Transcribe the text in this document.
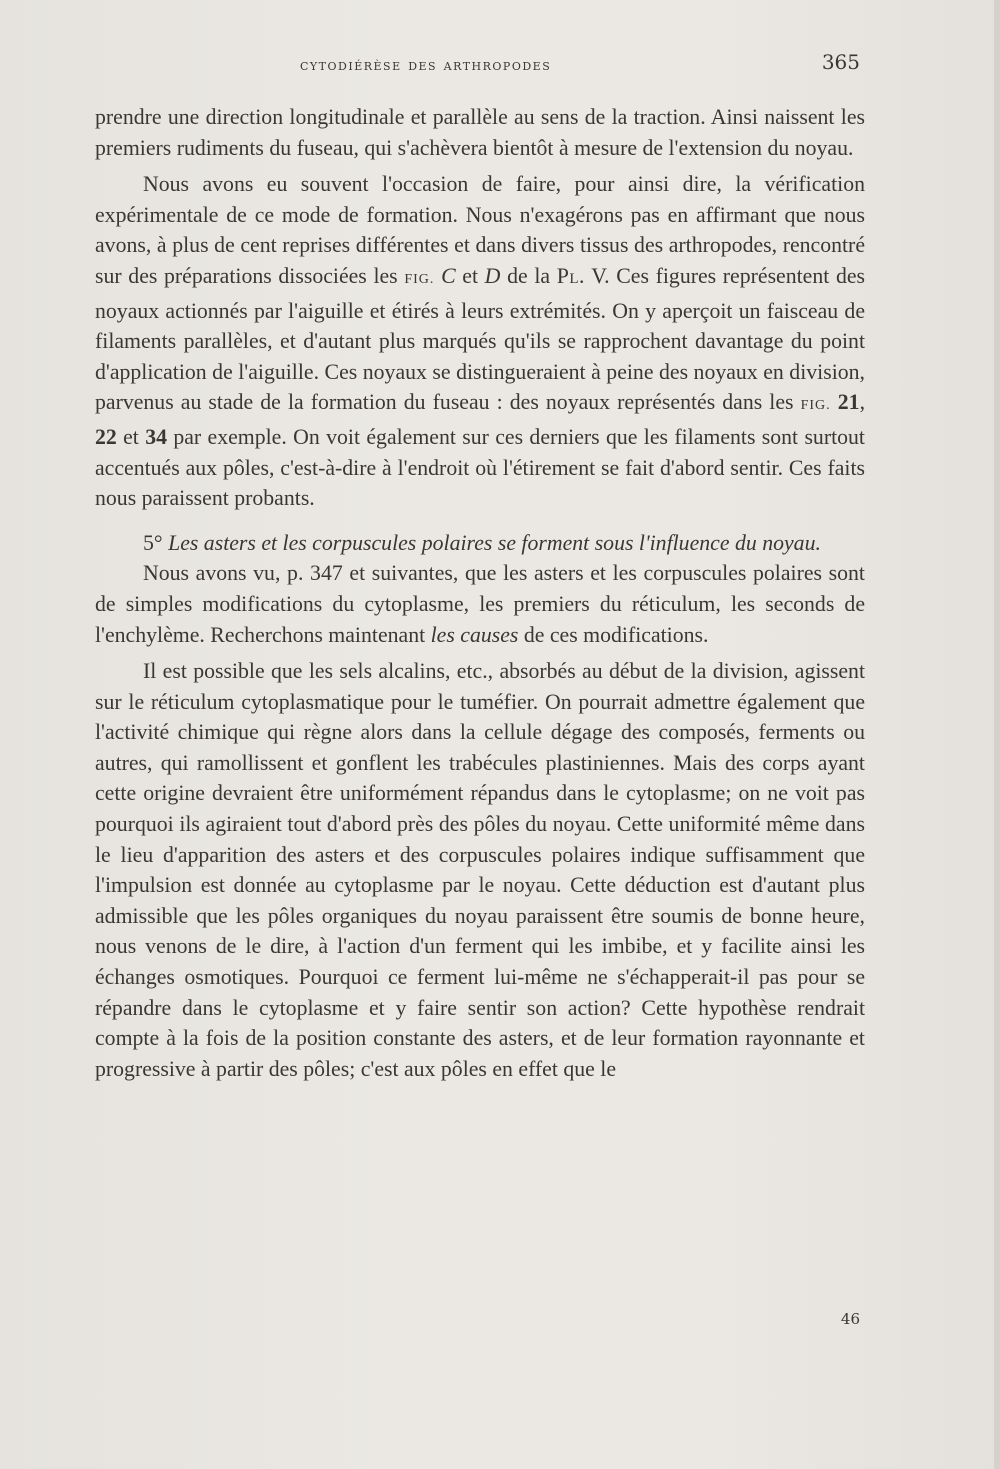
cytodiérèse des arthropodes	365

prendre une direction longitudinale et parallèle au sens de la traction. Ainsi naissent les premiers rudiments du fuseau, qui s'achèvera bientôt à mesure de l'extension du noyau.

Nous avons eu souvent l'occasion de faire, pour ainsi dire, la vérification expérimentale de ce mode de formation. Nous n'exagérons pas en affirmant que nous avons, à plus de cent reprises différentes et dans divers tissus des arthropodes, rencontré sur des préparations dissociées les FIG. C et D de la Pl. V. Ces figures représentent des noyaux actionnés par l'aiguille et étirés à leurs extrémités. On y aperçoit un faisceau de filaments parallèles, et d'autant plus marqués qu'ils se rapprochent davantage du point d'application de l'aiguille. Ces noyaux se distingueraient à peine des noyaux en division, parvenus au stade de la formation du fuseau : des noyaux représentés dans les FIG. 21, 22 et 34 par exemple. On voit également sur ces derniers que les filaments sont surtout accentués aux pôles, c'est-à-dire à l'endroit où l'étirement se fait d'abord sentir. Ces faits nous paraissent probants.

5° Les asters et les corpuscules polaires se forment sous l'influence du noyau.

Nous avons vu, p. 347 et suivantes, que les asters et les corpuscules polaires sont de simples modifications du cytoplasme, les premiers du réticulum, les seconds de l'enchylème. Recherchons maintenant les causes de ces modifications.

Il est possible que les sels alcalins, etc., absorbés au début de la division, agissent sur le réticulum cytoplasmatique pour le tuméfier. On pourrait admettre également que l'activité chimique qui règne alors dans la cellule dégage des composés, ferments ou autres, qui ramollissent et gonflent les trabécules plastiniennes. Mais des corps ayant cette origine devraient être uniformément répandus dans le cytoplasme; on ne voit pas pourquoi ils agiraient tout d'abord près des pôles du noyau. Cette uniformité même dans le lieu d'apparition des asters et des corpuscules polaires indique suffisamment que l'impulsion est donnée au cytoplasme par le noyau. Cette déduction est d'autant plus admissible que les pôles organiques du noyau paraissent être soumis de bonne heure, nous venons de le dire, à l'action d'un ferment qui les imbibe, et y facilite ainsi les échanges osmotiques. Pourquoi ce ferment lui-même ne s'échapperait-il pas pour se répandre dans le cytoplasme et y faire sentir son action? Cette hypothèse rendrait compte à la fois de la position constante des asters, et de leur formation rayonnante et progressive à partir des pôles; c'est aux pôles en effet que le

46
